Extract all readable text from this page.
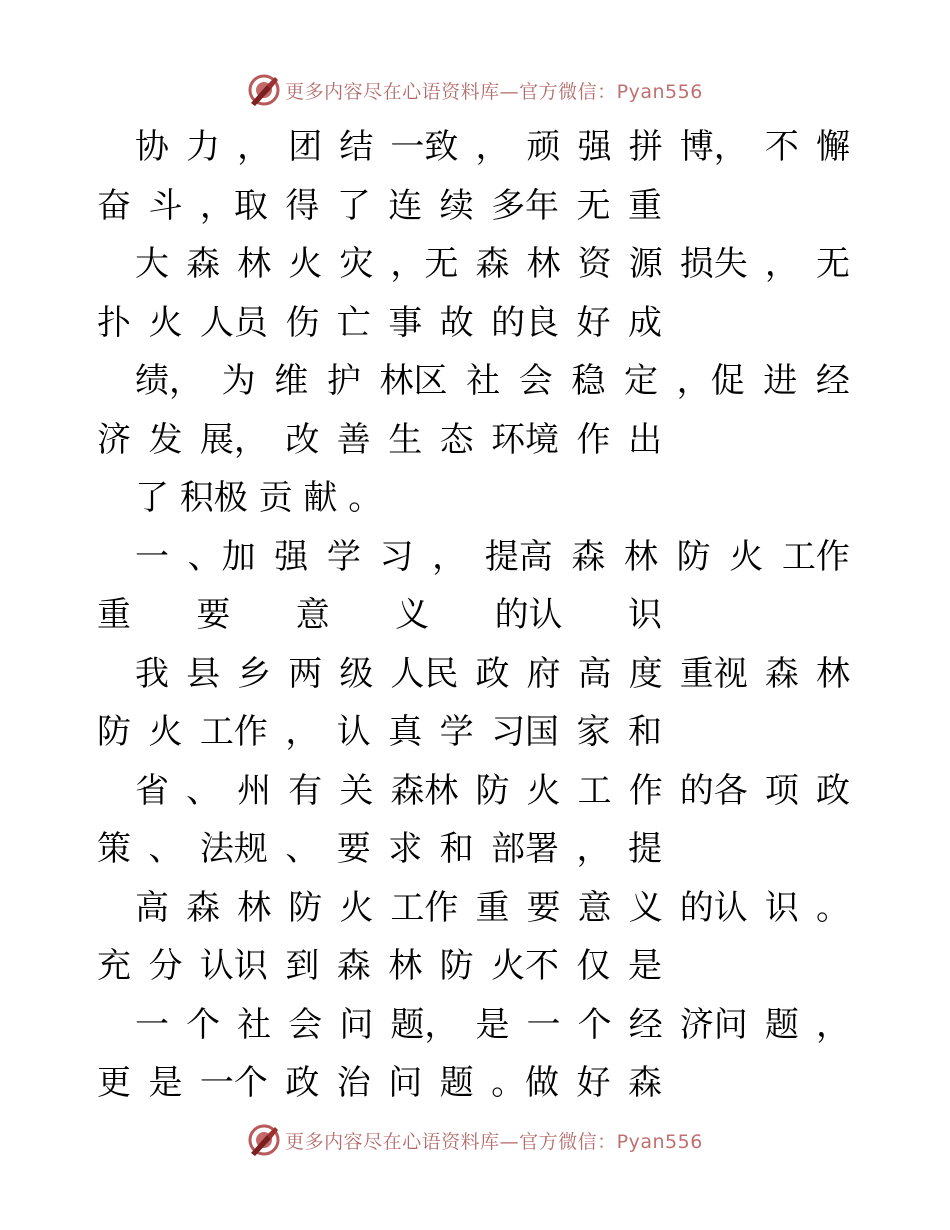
更多内容尽在心语资料库—官方微信：Pyan556
协 力 ， 团 结 一致 ， 顽 强 拼 博， 不 懈
奋 斗 ，取 得 了 连 续 多年 无 重
大 森 林 火 灾 ，无 森 林 资 源 损失 ， 无
扑 火 人员 伤 亡 事 故 的良 好 成
绩， 为 维 护 林区 社 会 稳 定 ，促 进 经
济 发 展， 改 善 生 态 环境 作 出
了 积极 贡 献 。
一 、加 强 学 习 ， 提高 森 林 防 火 工作
重 要 意 义 的认 识
我 县 乡 两 级 人民 政 府 高 度 重视 森 林
防 火 工作 ， 认 真 学 习国 家 和
省 、 州 有 关 森林 防 火 工 作 的各 项 政
策 、 法规 、 要 求 和 部署 ， 提
高 森 林 防 火 工作 重 要 意 义 的认 识 。
充 分 认识 到 森 林 防 火不 仅 是
一 个 社 会 问 题， 是 一 个 经 济问 题 ，
更 是 一个 政 治 问 题 。做 好 森
更多内容尽在心语资料库—官方微信：Pyan556
